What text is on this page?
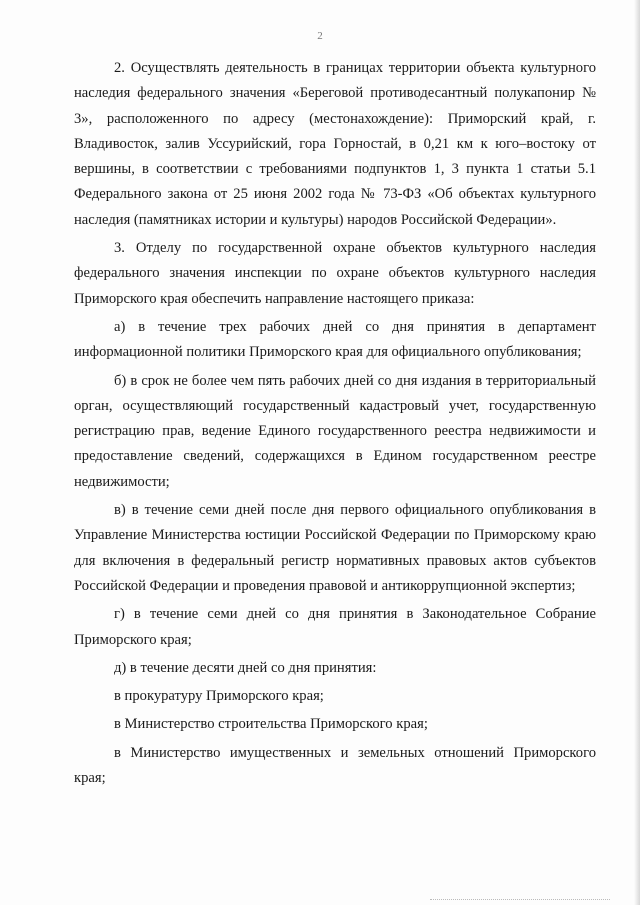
2

2. Осуществлять деятельность в границах территории объекта культурного наследия федерального значения «Береговой противодесантный полукапонир № 3», расположенного по адресу (местонахождение): Приморский край, г. Владивосток, залив Уссурийский, гора Горностай, в 0,21 км к юго–востоку от вершины, в соответствии с требованиями подпунктов 1, 3 пункта 1 статьи 5.1 Федерального закона от 25 июня 2002 года № 73-ФЗ «Об объектах культурного наследия (памятниках истории и культуры) народов Российской Федерации».

3. Отделу по государственной охране объектов культурного наследия федерального значения инспекции по охране объектов культурного наследия Приморского края обеспечить направление настоящего приказа:

а) в течение трех рабочих дней со дня принятия в департамент информационной политики Приморского края для официального опубликования;

б) в срок не более чем пять рабочих дней со дня издания в территориальный орган, осуществляющий государственный кадастровый учет, государственную регистрацию прав, ведение Единого государственного реестра недвижимости и предоставление сведений, содержащихся в Едином государственном реестре недвижимости;

в) в течение семи дней после дня первого официального опубликования в Управление Министерства юстиции Российской Федерации по Приморскому краю для включения в федеральный регистр нормативных правовых актов субъектов Российской Федерации и проведения правовой и антикоррупционной экспертиз;

г) в течение семи дней со дня принятия в Законодательное Собрание Приморского края;

д) в течение десяти дней со дня принятия:

в прокуратуру Приморского края;

в Министерство строительства Приморского края;

в Министерство имущественных и земельных отношений Приморского края;
